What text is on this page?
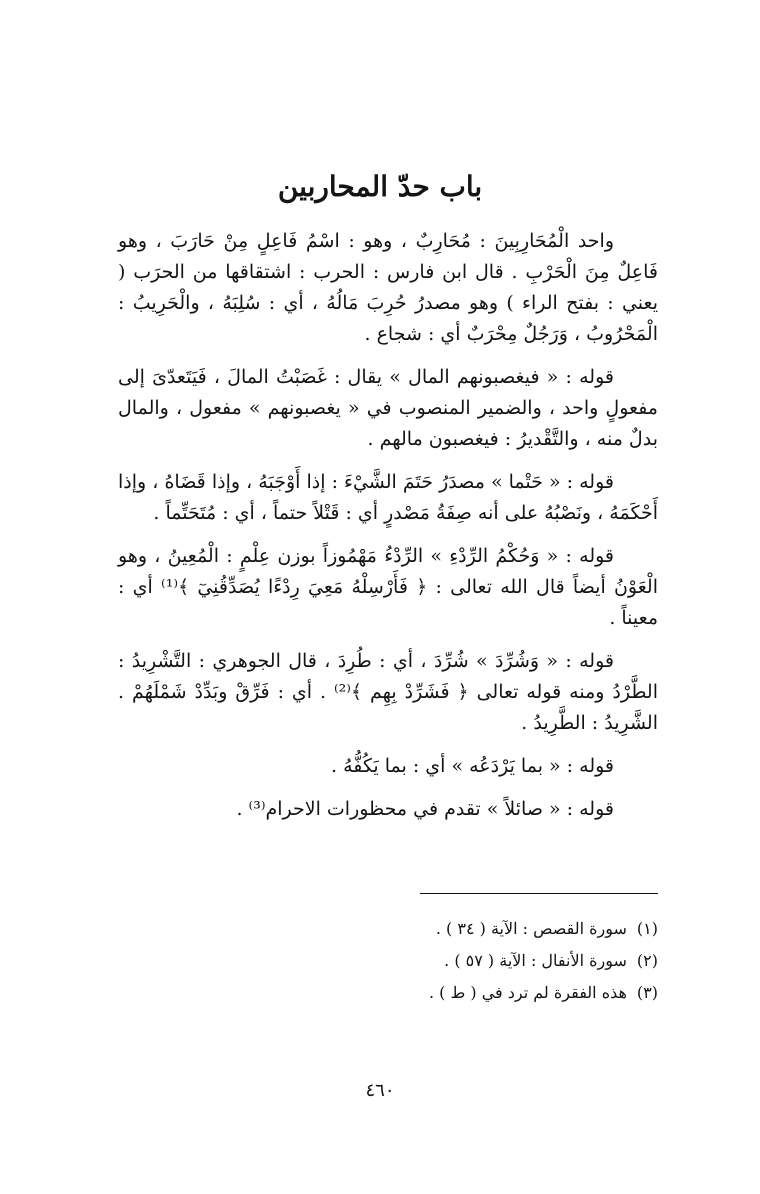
باب حدّ المحاربين

واحد الْمُحَارِبِينَ : مُحَارِبٌ ، وهو : اسْمُ فَاعِلٍ مِنْ حَارَبَ ، وهو فَاعِلٌ مِنَ الْحَرْبِ . قال ابن فارس : الحرب : اشتقاقها من الحرَب ( يعني : بفتح الراء ) وهو مصدرُ حُرِبَ مَالُهُ ، أي : سُلِبَهُ ، والْحَرِيبُ : الْمَحْرُوبُ ، وَرَجُلٌ مِحْرَبٌ أي : شجاع .

قوله : « فيغصبونهم المال » يقال : غَصَبْتُ المالَ ، فَيَتَعدّىَ إلى مفعولٍ واحد ، والضمير المنصوب في « يغصبونهم » مفعول ، والمال بدلٌ منه ، والتَّقْديرُ : فيغصبون مالهم .

قوله : « حَتْما » مصدَرُ حَتَمَ الشَّيْءَ : إذا أَوْجَبَهُ ، وإذا قَضَاهُ ، وإذا أَحْكَمَهُ ، ونَصْبُهُ على أنه صِفَةُ مَصْدرٍ أي : قَتْلاً حتماً ، أي : مُتَحَتِّماً .

قوله : « وَحُكْمُ الرِّدْءِ » الرِّدْءُ مَهْمُوزاً بوزن عِلْمٍ : الْمُعِينُ ، وهو الْعَوْنُ أيضاً قال الله تعالى : ﴿ فَأَرْسِلْهُ مَعِيَ رِدْءًا يُصَدِّقُنِيٓ ﴾⁽¹⁾ أي : معيناً .

قوله : « وَشُرِّدَ » شُرِّدَ ، أي : طُرِدَ ، قال الجوهري : التَّشْرِيدُ : الطَّرْدُ ومنه قوله تعالى ﴿ فَشَرِّدْ بِهِم ﴾⁽²⁾ . أي : فَرِّقْ وبَدِّدْ شَمْلَهُمْ . الشَّرِيدُ : الطَّرِيدُ .

قوله : « بما يَرْدَعُه » أي : بما يَكُفُّهُ .

قوله : « صائلاً » تقدم في محظورات الاحرام⁽³⁾ .

(١)
سورة القصص : الآية ( ٣٤ ) .
(٢)
سورة الأنفال : الآية ( ٥٧ ) .
(٣)
هذه الفقرة لم ترد في ( ط ) .
٤٦٠
